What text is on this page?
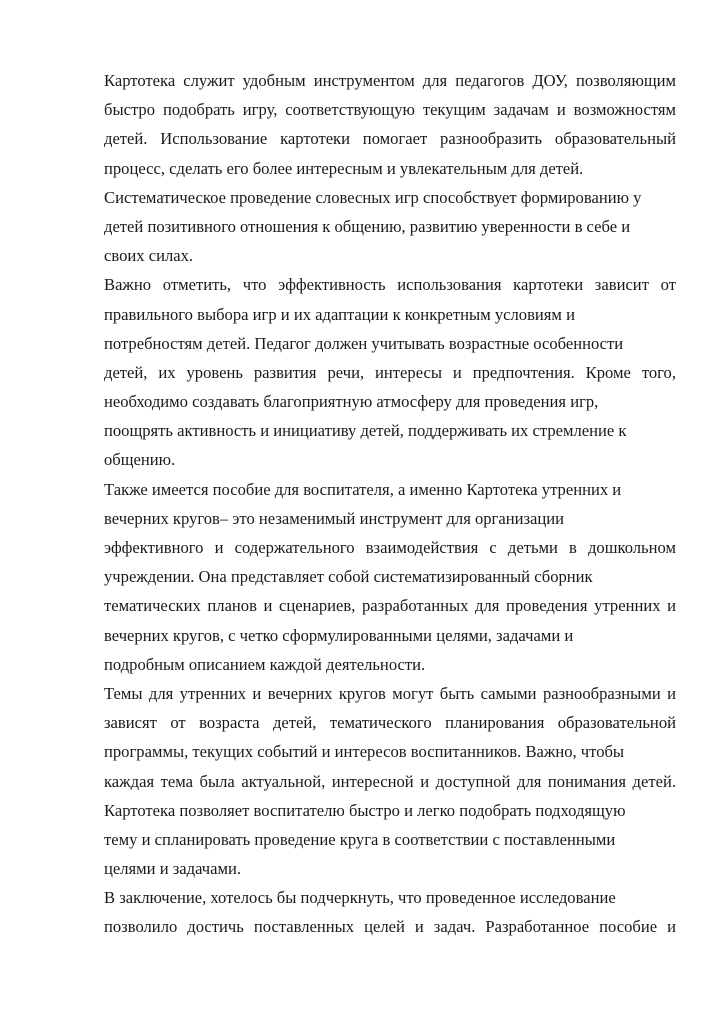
Картотека служит удобным инструментом для педагогов ДОУ, позволяющим
быстро подобрать игру, соответствующую текущим задачам и возможностям
детей. Использование картотеки помогает разнообразить образовательный
процесс, сделать его более интересным и увлекательным для детей.
Систематическое проведение словесных игр способствует формированию у
детей позитивного отношения к общению, развитию уверенности в себе и
своих силах.
Важно отметить, что эффективность использования картотеки зависит от
правильного выбора игр и их адаптации к конкретным условиям и
потребностям детей. Педагог должен учитывать возрастные особенности
детей, их уровень развития речи, интересы и предпочтения. Кроме того,
необходимо создавать благоприятную атмосферу для проведения игр,
поощрять активность и инициативу детей, поддерживать их стремление к
общению.
Также имеется пособие для воспитателя, а именно Картотека утренних и
вечерних кругов– это незаменимый инструмент для организации
эффективного и содержательного взаимодействия с детьми в дошкольном
учреждении. Она представляет собой систематизированный сборник
тематических планов и сценариев, разработанных для проведения утренних и
вечерних кругов, с четко сформулированными целями, задачами и
подробным описанием каждой деятельности.
Темы для утренних и вечерних кругов могут быть самыми разнообразными и
зависят от возраста детей, тематического планирования образовательной
программы, текущих событий и интересов воспитанников. Важно, чтобы
каждая тема была актуальной, интересной и доступной для понимания детей.
Картотека позволяет воспитателю быстро и легко подобрать подходящую
тему и спланировать проведение круга в соответствии с поставленными
целями и задачами.
В заключение, хотелось бы подчеркнуть, что проведенное исследование
позволило достичь поставленных целей и задач. Разработанное пособие и
